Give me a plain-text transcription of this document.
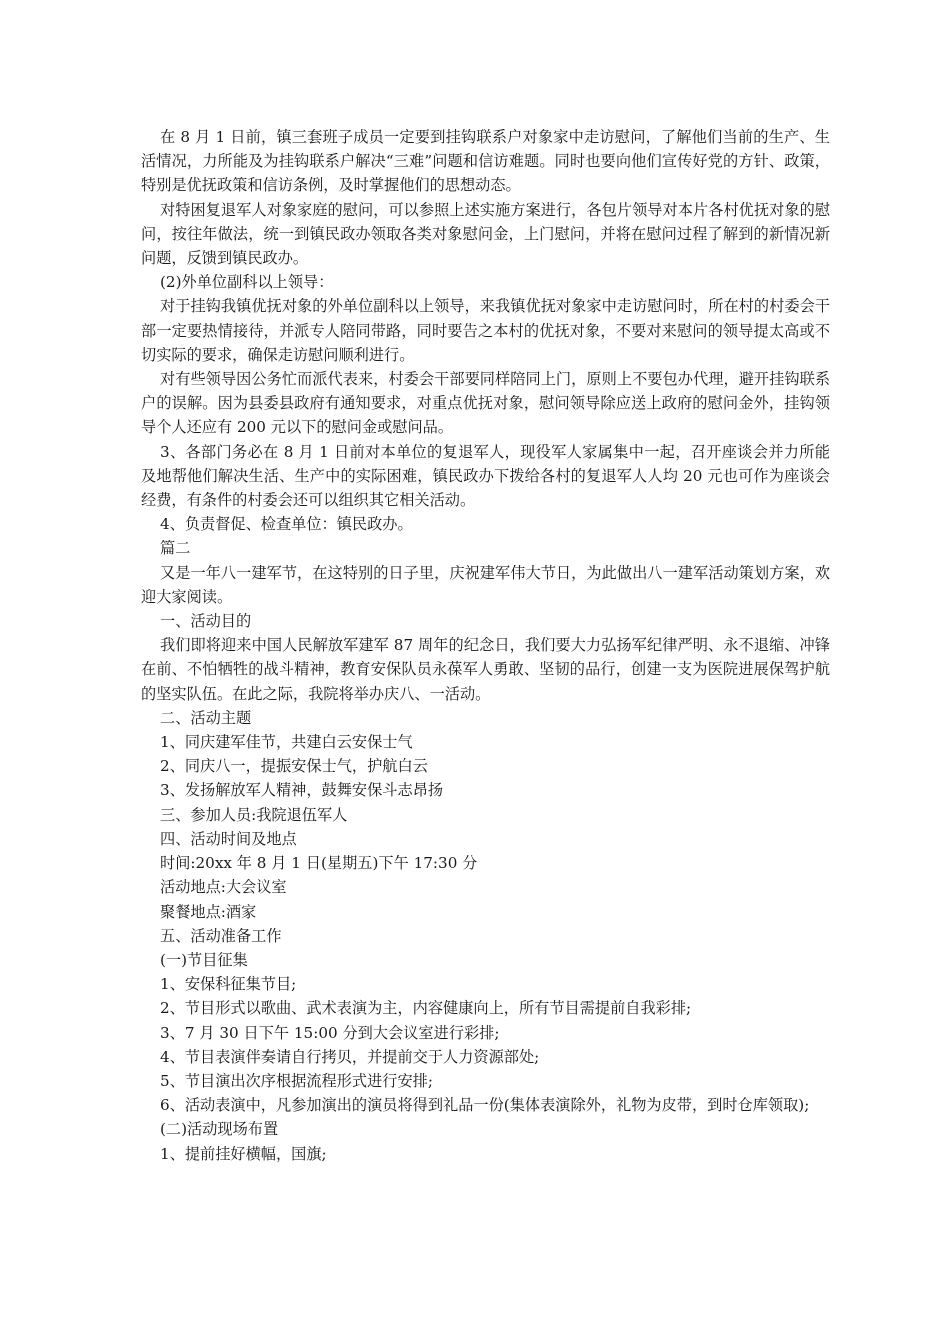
在 8 月 1 日前，镇三套班子成员一定要到挂钩联系户对象家中走访慰问，了解他们当前的生产、生活情况，力所能及为挂钩联系户解决“三难”问题和信访难题。同时也要向他们宣传好党的方针、政策，特别是优抚政策和信访条例，及时掌握他们的思想动态。

对特困复退军人对象家庭的慰问，可以参照上述实施方案进行，各包片领导对本片各村优抚对象的慰问，按往年做法，统一到镇民政办领取各类对象慰问金，上门慰问，并将在慰问过程了解到的新情况新问题，反馈到镇民政办。

(2)外单位副科以上领导：

对于挂钩我镇优抚对象的外单位副科以上领导，来我镇优抚对象家中走访慰问时，所在村的村委会干部一定要热情接待，并派专人陪同带路，同时要告之本村的优抚对象，不要对来慰问的领导提太高或不切实际的要求，确保走访慰问顺利进行。

对有些领导因公务忙而派代表来，村委会干部要同样陪同上门，原则上不要包办代理，避开挂钩联系户的误解。因为县委县政府有通知要求，对重点优抚对象，慰问领导除应送上政府的慰问金外，挂钩领导个人还应有 200 元以下的慰问金或慰问品。

3、各部门务必在 8 月 1 日前对本单位的复退军人，现役军人家属集中一起，召开座谈会并力所能及地帮他们解决生活、生产中的实际困难，镇民政办下拨给各村的复退军人人均 20 元也可作为座谈会经费，有条件的村委会还可以组织其它相关活动。

4、负责督促、检查单位：镇民政办。

篇二

又是一年八一建军节，在这特别的日子里，庆祝建军伟大节日，为此做出八一建军活动策划方案，欢迎大家阅读。

一、活动目的

我们即将迎来中国人民解放军建军 87 周年的纪念日，我们要大力弘扬军纪律严明、永不退缩、冲锋在前、不怕牺牲的战斗精神，教育安保队员永葆军人勇敢、坚韧的品行，创建一支为医院进展保驾护航的坚实队伍。在此之际，我院将举办庆八、一活动。

二、活动主题

1、同庆建军佳节，共建白云安保士气

2、同庆八一，提振安保士气，护航白云

3、发扬解放军人精神，鼓舞安保斗志昂扬

三、参加人员:我院退伍军人

四、活动时间及地点

时间:20xx 年 8 月 1 日(星期五)下午 17:30 分

活动地点:大会议室

聚餐地点:酒家

五、活动准备工作

(一)节目征集

1、安保科征集节目;

2、节目形式以歌曲、武术表演为主，内容健康向上，所有节目需提前自我彩排;

3、7 月 30 日下午 15:00 分到大会议室进行彩排;

4、节目表演伴奏请自行拷贝，并提前交于人力资源部处;

5、节目演出次序根据流程形式进行安排;

6、活动表演中，凡参加演出的演员将得到礼品一份(集体表演除外，礼物为皮带，到时仓库领取);

(二)活动现场布置

1、提前挂好横幅，国旗;
